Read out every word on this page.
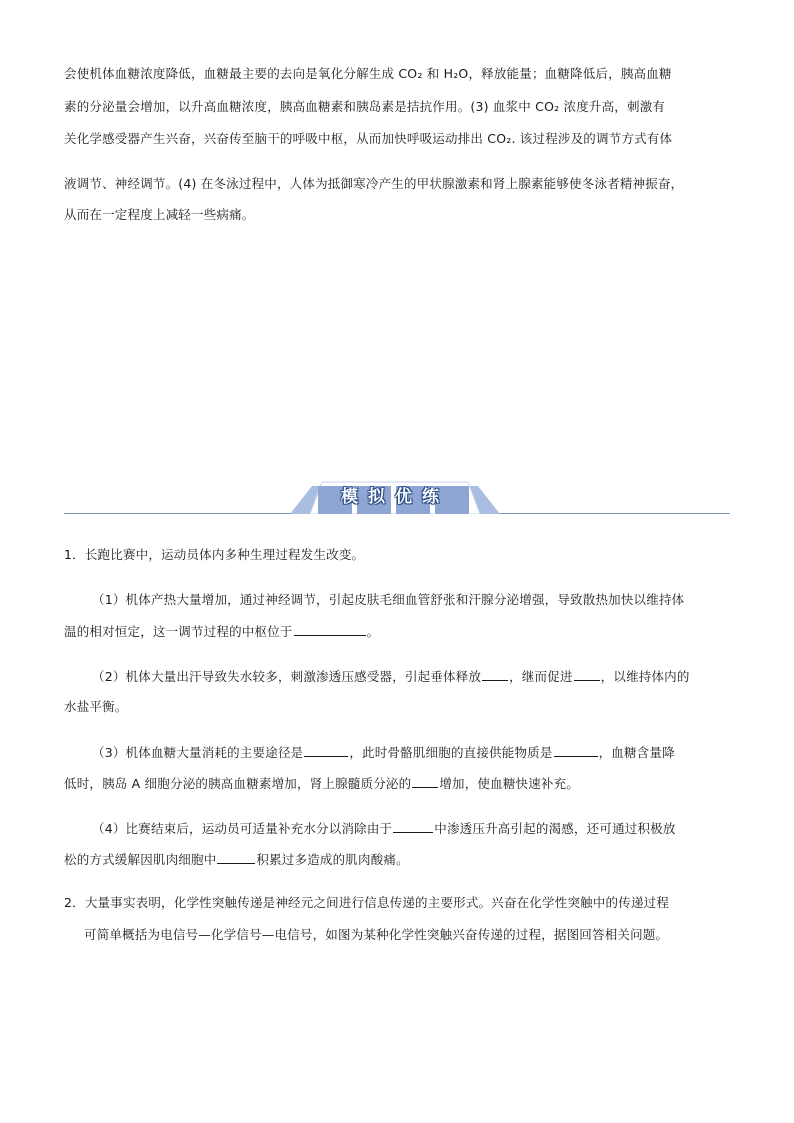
会使机体血糖浓度降低，血糖最主要的去向是氧化分解生成 CO₂ 和 H₂O，释放能量；血糖降低后，胰高血糖
素的分泌量会增加，以升高血糖浓度，胰高血糖素和胰岛素是拮抗作用。(3) 血浆中 CO₂ 浓度升高，刺激有
关化学感受器产生兴奋，兴奋传至脑干的呼吸中枢，从而加快呼吸运动排出 CO₂. 该过程涉及的调节方式有体
液调节、神经调节。(4) 在冬泳过程中，人体为抵御寒冷产生的甲状腺激素和肾上腺素能够使冬泳者精神振奋，
从而在一定程度上减轻一些病痛。
模拟优练
1．长跑比赛中，运动员体内多种生理过程发生改变。
（1）机体产热大量增加，通过神经调节，引起皮肤毛细血管舒张和汗腺分泌增强，导致散热加快以维持体
温的相对恒定，这一调节过程的中枢位于	。
（2）机体大量出汗导致失水较多，刺激渗透压感受器，引起垂体释放 ，继而促进 ，以维持体内的
水盐平衡。
（3）机体血糖大量消耗的主要途径是	，此时骨骼肌细胞的直接供能物质是	，血糖含量降
低时，胰岛 A 细胞分泌的胰高血糖素增加，肾上腺髓质分泌的 增加，使血糖快速补充。
（4）比赛结束后，运动员可适量补充水分以消除由于	中渗透压升高引起的渴感，还可通过积极放
松的方式缓解因肌肉细胞中	积累过多造成的肌肉酸痛。
2．大量事实表明，化学性突触传递是神经元之间进行信息传递的主要形式。兴奋在化学性突触中的传递过程
可简单概括为电信号—化学信号—电信号，如图为某种化学性突触兴奋传递的过程，据图回答相关问题。
